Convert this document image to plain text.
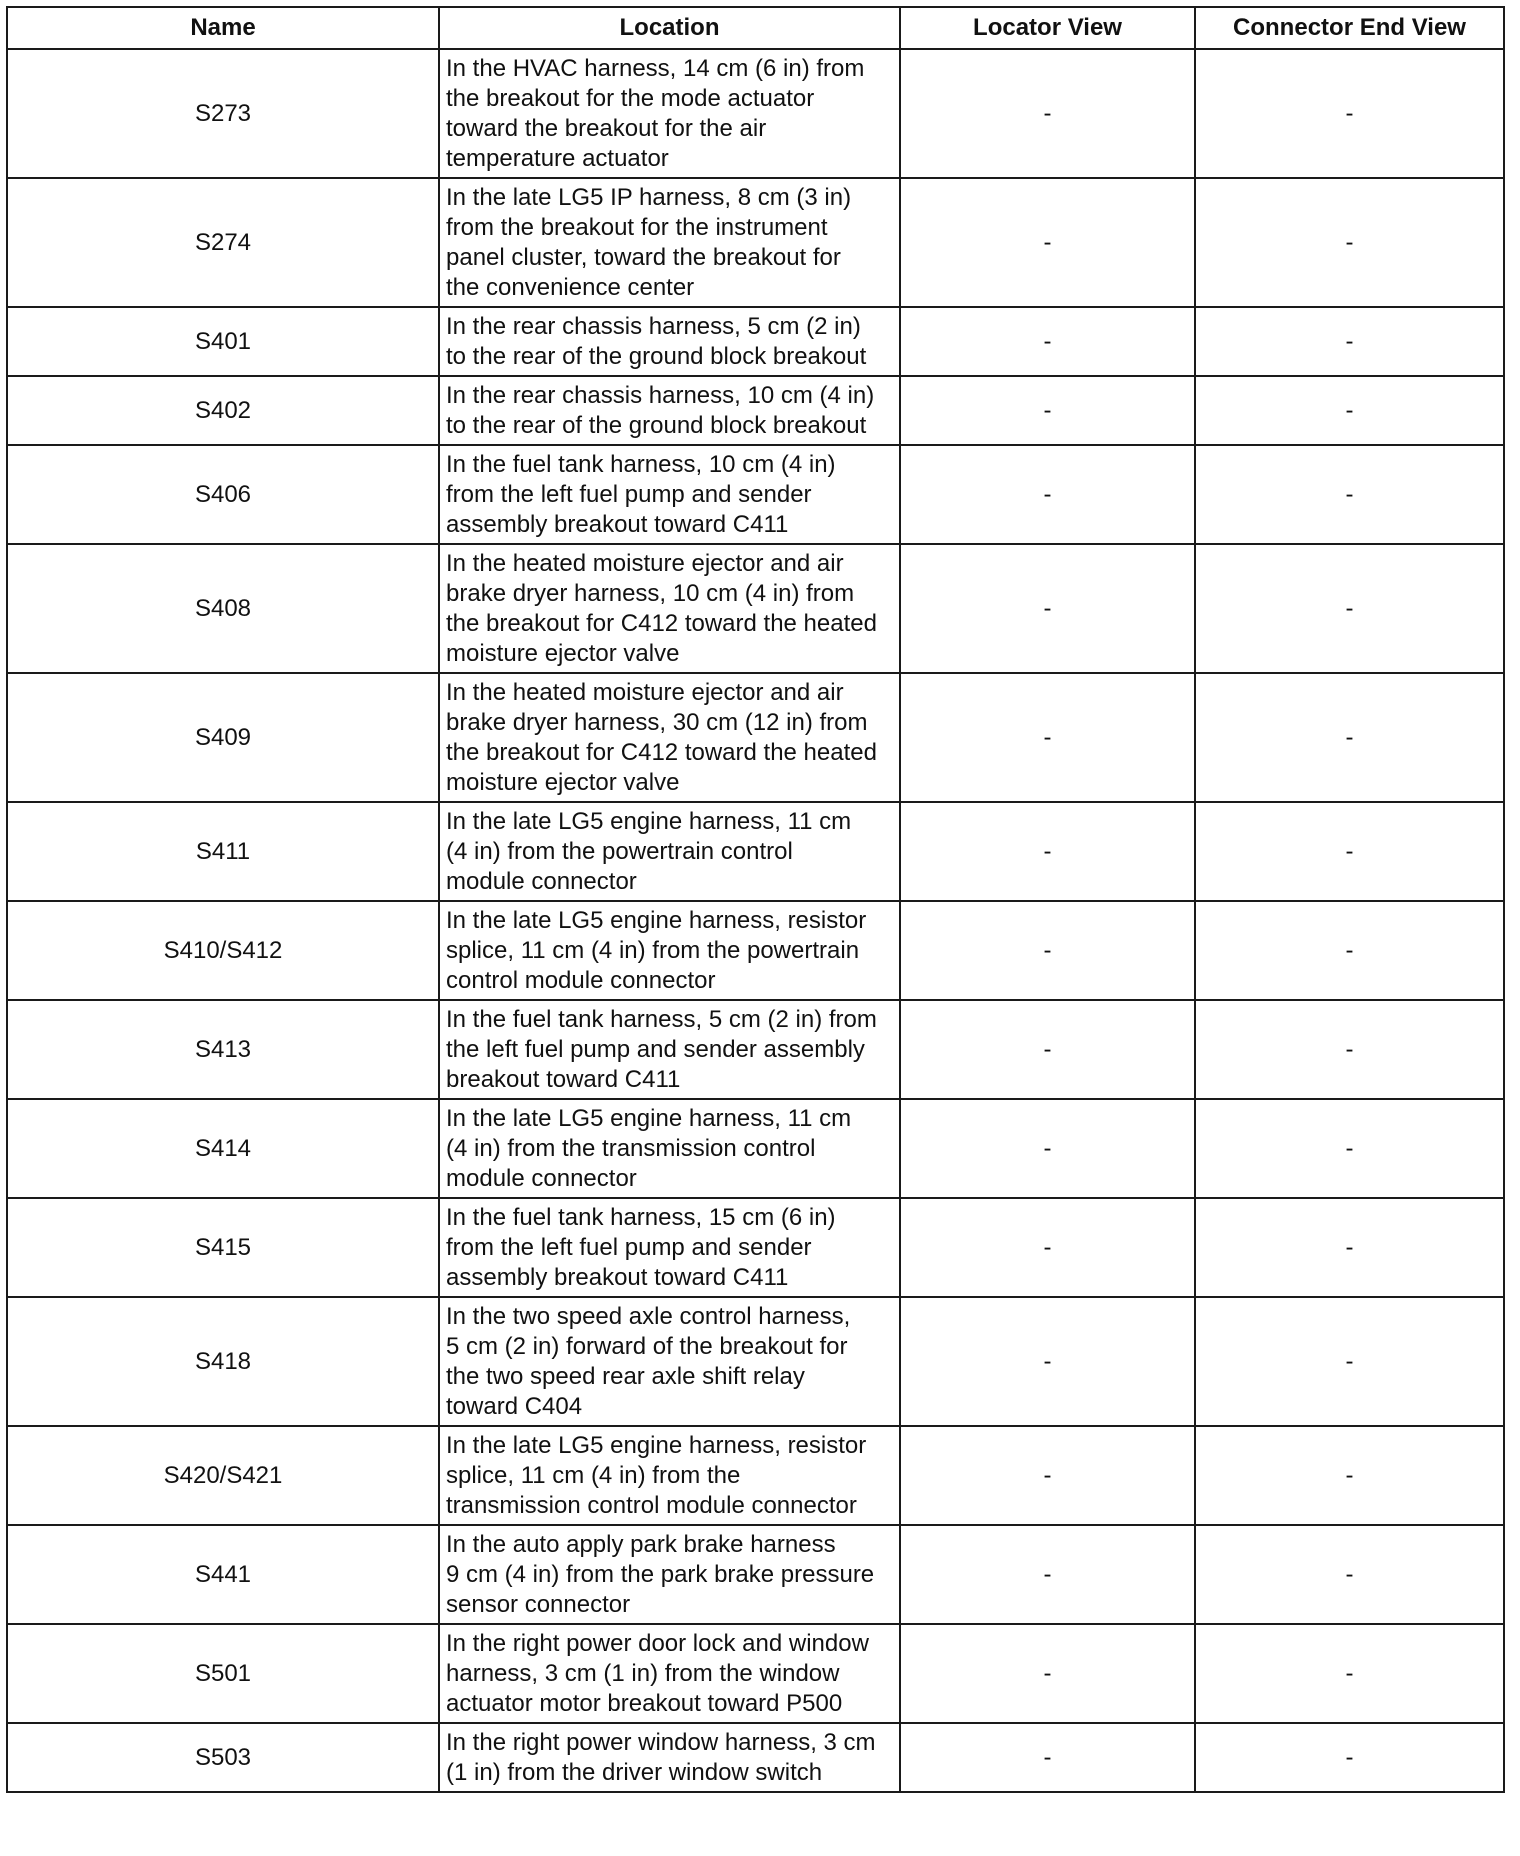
Name	Location	Locator View	Connector End View
S273	In the HVAC harness, 14 cm (6 in) from
the breakout for the mode actuator
toward the breakout for the air
temperature actuator	-	-
S274	In the late LG5 IP harness, 8 cm (3 in)
from the breakout for the instrument
panel cluster, toward the breakout for
the convenience center	-	-
S401	In the rear chassis harness, 5 cm (2 in)
to the rear of the ground block breakout	-	-
S402	In the rear chassis harness, 10 cm (4 in)
to the rear of the ground block breakout	-	-
S406	In the fuel tank harness, 10 cm (4 in)
from the left fuel pump and sender
assembly breakout toward C411	-	-
S408	In the heated moisture ejector and air
brake dryer harness, 10 cm (4 in) from
the breakout for C412 toward the heated
moisture ejector valve	-	-
S409	In the heated moisture ejector and air
brake dryer harness, 30 cm (12 in) from
the breakout for C412 toward the heated
moisture ejector valve	-	-
S411	In the late LG5 engine harness, 11 cm
(4 in) from the powertrain control
module connector	-	-
S410/S412	In the late LG5 engine harness, resistor
splice, 11 cm (4 in) from the powertrain
control module connector	-	-
S413	In the fuel tank harness, 5 cm (2 in) from
the left fuel pump and sender assembly
breakout toward C411	-	-
S414	In the late LG5 engine harness, 11 cm
(4 in) from the transmission control
module connector	-	-
S415	In the fuel tank harness, 15 cm (6 in)
from the left fuel pump and sender
assembly breakout toward C411	-	-
S418	In the two speed axle control harness,
5 cm (2 in) forward of the breakout for
the two speed rear axle shift relay
toward C404	-	-
S420/S421	In the late LG5 engine harness, resistor
splice, 11 cm (4 in) from the
transmission control module connector	-	-
S441	In the auto apply park brake harness
9 cm (4 in) from the park brake pressure
sensor connector	-	-
S501	In the right power door lock and window
harness, 3 cm (1 in) from the window
actuator motor breakout toward P500	-	-
S503	In the right power window harness, 3 cm
(1 in) from the driver window switch	-	-
